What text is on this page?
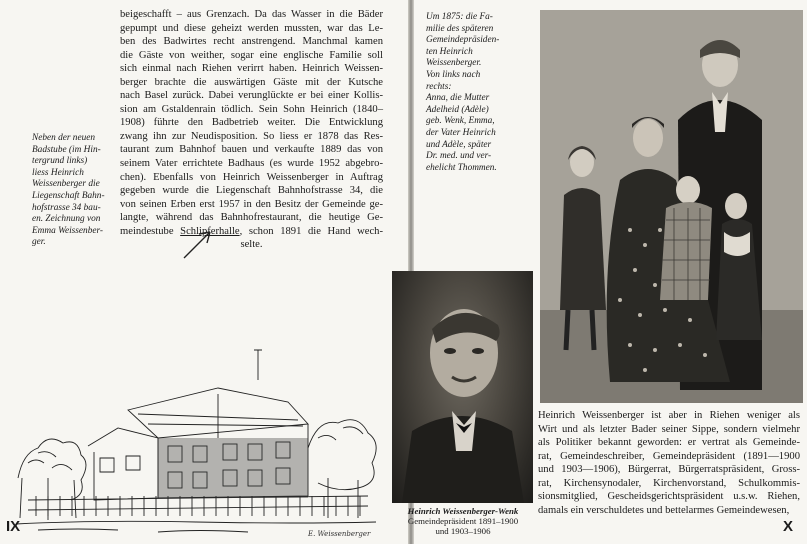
beigeschafft – aus Grenzach. Da das Wasser in die Bäder
gepumpt und diese geheizt werden mussten, war das Le-
ben des Badwirtes recht anstrengend. Manchmal kamen
die Gäste von weither, sogar eine englische Familie soll
sich einmal nach Riehen verirrt haben. Heinrich Weissen-
berger brachte die auswärtigen Gäste mit der Kutsche
nach Basel zurück. Dabei verunglückte er bei einer Kollis-
sion am Gstaldenrain tödlich. Sein Sohn Heinrich (1840–
1908) führte den Badbetrieb weiter. Die Entwicklung
zwang ihn zur Neudisposition. So liess er 1878 das Res-
taurant zum Bahnhof bauen und verkaufte 1889 das von
seinem Vater errichtete Badhaus (es wurde 1952 abgebro-
chen). Ebenfalls von Heinrich Weissenberger in Auftrag
gegeben wurde die Liegenschaft Bahnhofstrasse 34, die
von seinen Erben erst 1957 in den Besitz der Gemeinde ge-
langte, während das Bahnhofrestaurant, die heutige Ge-
meindestube Schlipferhalle, schon 1891 die Hand wech-
selte.
Neben der neuen
Badstube (im Hin-
tergrund links)
liess Heinrich
Weissenberger die
Liegenschaft Bahn-
hofstrasse 34 bau-
en. Zeichnung von
Emma Weissenber-
ger.
E. Weissenberger
IX
Um 1875: die Fa-
milie des späteren
Gemeindepräsiden-
ten Heinrich
Weissenberger.
Von links nach
rechts:
Anna, die Mutter
Adelheid (Adèle)
geb. Wenk, Emma,
der Vater Heinrich
und Adèle, später
Dr. med. und ver-
ehelicht Thommen.
Heinrich Weissenberger-Wenk
Gemeindepräsident 1891–1900
und 1903–1906
Heinrich Weissenberger ist aber in Riehen weniger als
Wirt und als letzter Bader seiner Sippe, sondern vielmehr
als Politiker bekannt geworden: er vertrat als Gemeinde-
rat, Gemeindeschreiber, Gemeindepräsident (1891—1900
und 1903—1906), Bürgerrat, Bürgerratspräsident, Gross-
rat, Kirchensynodaler, Kirchenvorstand, Schulkommis-
sionsmitglied, Gescheidsgerichtspräsident u.s.w. Riehen,
damals ein verschuldetes und bettelarmes Gemeindewesen,
X
